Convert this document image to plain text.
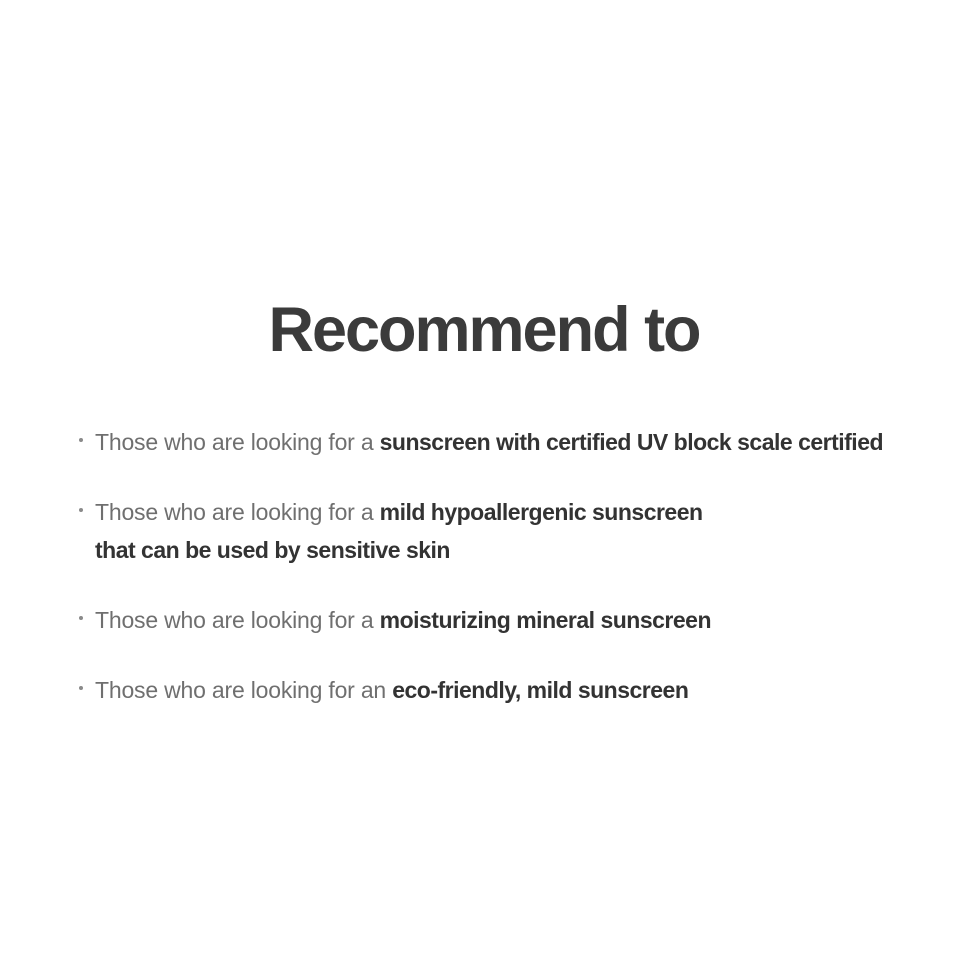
Recommend to
Those who are looking for a sunscreen with certified UV block scale certified
Those who are looking for a mild hypoallergenic sunscreen
that can be used by sensitive skin
Those who are looking for a moisturizing mineral sunscreen
Those who are looking for an eco-friendly, mild sunscreen
